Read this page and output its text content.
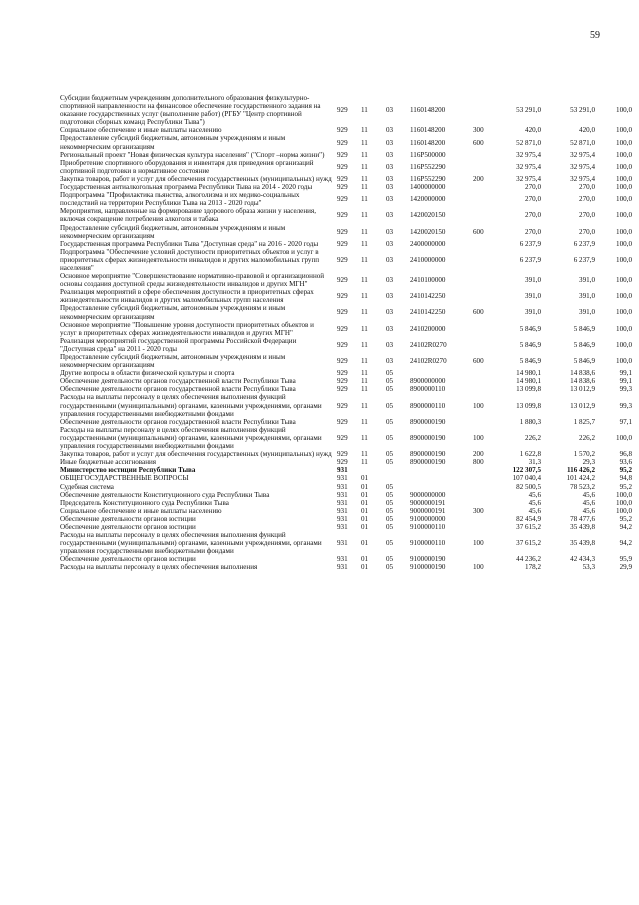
59
Субсидии бюджетным учреждениям дополнительного образования физкультурно-спортивной направленности на финансовое обеспечение государственного задания на оказание государственных услуг (выполнение работ) (РГБУ "Центр спортивной подготовки сборных команд Республики Тыва")	929	11	03	1160148200		53 291,0	53 291,0	100,0
Социальное обеспечение и иные выплаты населению	929	11	03	1160148200	300	420,0	420,0	100,0
Предоставление субсидий бюджетным, автономным учреждениям и иным некоммерческим организациям	929	11	03	1160148200	600	52 871,0	52 871,0	100,0
Региональный проект "Новая физическая культура населения" ("Спорт –норма жизни")	929	11	03	116P500000		32 975,4	32 975,4	100,0
Приобретение спортивного оборудования и инвентаря для приведения организаций спортивной подготовки в нормативное состояние	929	11	03	116P552290		32 975,4	32 975,4	100,0
Закупка товаров, работ и услуг для обеспечения государственных (муниципальных) нужд	929	11	03	116P552290	200	32 975,4	32 975,4	100,0
Государственная антиалкогольная программа Республики Тыва на 2014 - 2020 годы	929	11	03	1400000000		270,0	270,0	100,0
Подпрограмма "Профилактика пьянства, алкоголизма и их медико-социальных последствий на территории Республики Тыва на 2013 - 2020 годы"	929	11	03	1420000000		270,0	270,0	100,0
Мероприятия, направленные на формирование здорового образа жизни у населения, включая сокращение потребления алкоголя и табака	929	11	03	1420020150		270,0	270,0	100,0
Предоставление субсидий бюджетным, автономным учреждениям и иным некоммерческим организациям	929	11	03	1420020150	600	270,0	270,0	100,0
Государственная программа Республики Тыва "Доступная среда" на 2016 - 2020 годы	929	11	03	2400000000		6 237,9	6 237,9	100,0
Подпрограмма "Обеспечение условий доступности приоритетных объектов и услуг в приоритетных сферах жизнедеятельности инвалидов и других маломобильных групп населения"	929	11	03	2410000000		6 237,9	6 237,9	100,0
Основное мероприятие "Совершенствование нормативно-правовой и организационной основы создания доступной среды жизнедеятельности инвалидов и других МГН"	929	11	03	2410100000		391,0	391,0	100,0
Реализация мероприятий в сфере обеспечения доступности в приоритетных сферах жизнедеятельности инвалидов и других маломобильных групп населения	929	11	03	2410142250		391,0	391,0	100,0
Предоставление субсидий бюджетным, автономным учреждениям и иным некоммерческим организациям	929	11	03	2410142250	600	391,0	391,0	100,0
Основное мероприятие "Повышение уровня доступности приоритетных объектов и услуг в приоритетных сферах жизнедеятельности инвалидов и других МГН"	929	11	03	2410200000		5 846,9	5 846,9	100,0
Реализация мероприятий государственной программы Российской Федерации "Доступная среда" на 2011 - 2020 годы	929	11	03	24102R0270		5 846,9	5 846,9	100,0
Предоставление субсидий бюджетным, автономным учреждениям и иным некоммерческим организациям	929	11	03	24102R0270	600	5 846,9	5 846,9	100,0
Другие вопросы в области физической культуры и спорта	929	11	05			14 980,1	14 838,6	99,1
Обеспечение деятельности органов государственной власти Республики Тыва	929	11	05	8900000000		14 980,1	14 838,6	99,1
Обеспечение деятельности органов государственной власти Республики Тыва	929	11	05	8900000110		13 099,8	13 012,9	99,3
Расходы на выплаты персоналу в целях обеспечения выполнения функций государственными (муниципальными) органами, казенными учреждениями, органами управления государственными внебюджетными фондами	929	11	05	8900000110	100	13 099,8	13 012,9	99,3
Обеспечение деятельности органов государственной власти Республики Тыва	929	11	05	8900000190		1 880,3	1 825,7	97,1
Расходы на выплаты персоналу в целях обеспечения выполнения функций государственными (муниципальными) органами, казенными учреждениями, органами управления государственными внебюджетными фондами	929	11	05	8900000190	100	226,2	226,2	100,0
Закупка товаров, работ и услуг для обеспечения государственных (муниципальных) нужд	929	11	05	8900000190	200	1 622,8	1 570,2	96,8
Иные бюджетные ассигнования	929	11	05	8900000190	800	31,3	29,3	93,6
Министерство юстиции Республики Тыва	931					122 307,5	116 426,2	95,2
ОБЩЕГОСУДАРСТВЕННЫЕ ВОПРОСЫ	931	01				107 040,4	101 424,2	94,8
Судебная система	931	01	05			82 500,5	78 523,2	95,2
Обеспечение деятельности Конституционного суда Республики Тыва	931	01	05	9000000000		45,6	45,6	100,0
Председатель Конституционного суда Республики Тыва	931	01	05	9000000191		45,6	45,6	100,0
Социальное обеспечение и иные выплаты населению	931	01	05	9000000191	300	45,6	45,6	100,0
Обеспечение деятельности органов юстиции	931	01	05	9100000000		82 454,9	78 477,6	95,2
Обеспечение деятельности органов юстиции	931	01	05	9100000110		37 615,2	35 439,8	94,2
Расходы на выплаты персоналу в целях обеспечения выполнения функций государственными (муниципальными) органами, казенными учреждениями, органами управления государственными внебюджетными фондами	931	01	05	9100000110	100	37 615,2	35 439,8	94,2
Обеспечение деятельности органов юстиции	931	01	05	9100000190		44 236,2	42 434,3	95,9
Расходы на выплаты персоналу в целях обеспечения выполнения	931	01	05	9100000190	100	178,2	53,3	29,9
